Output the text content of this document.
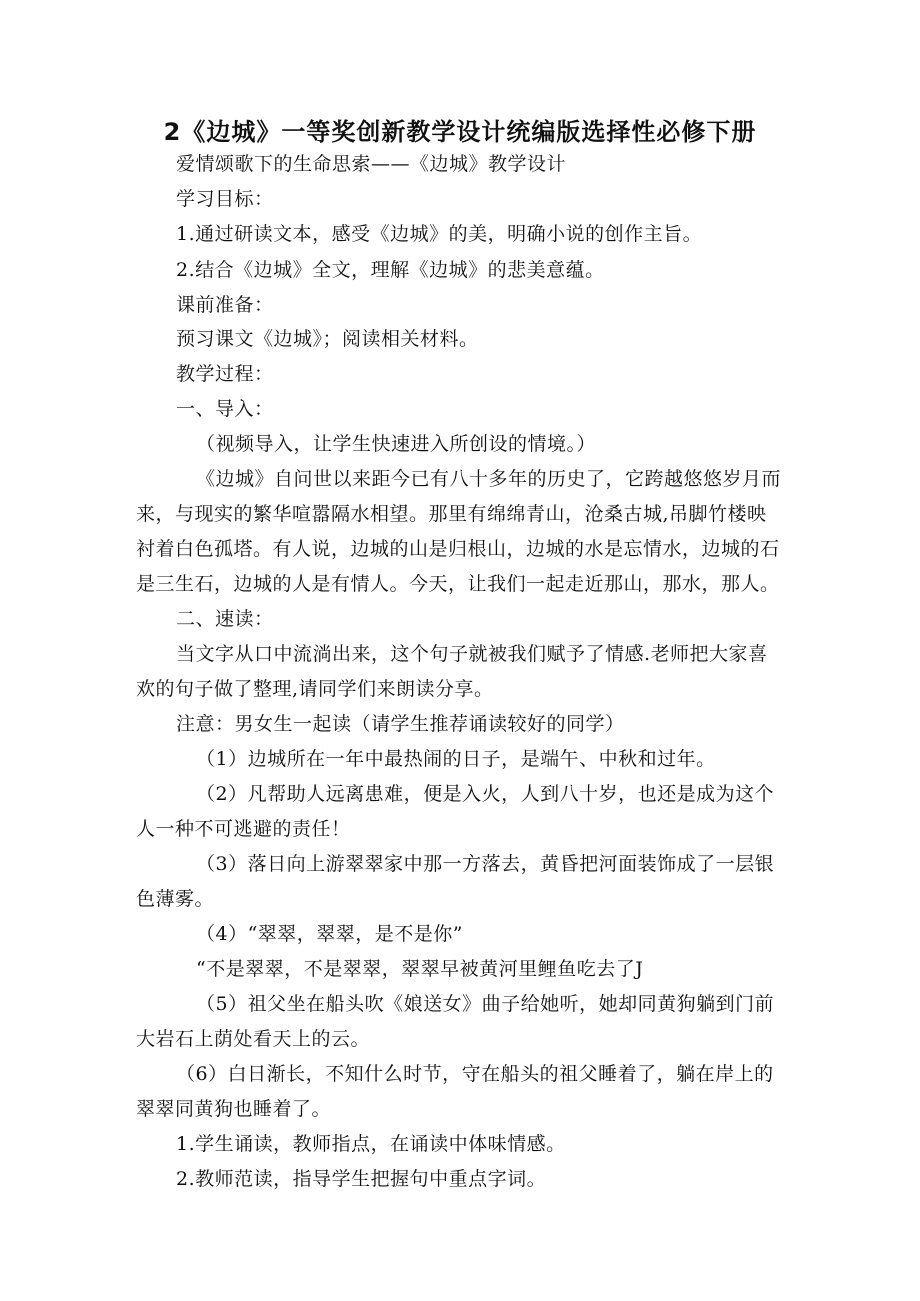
2《边城》一等奖创新教学设计统编版选择性必修下册
爱情颂歌下的生命思索——《边城》教学设计
学习目标：
1.通过研读文本，感受《边城》的美，明确小说的创作主旨。
2.结合《边城》全文，理解《边城》的悲美意蕴。
课前准备：
预习课文《边城》；阅读相关材料。
教学过程：
一、导入：
（视频导入，让学生快速进入所创设的情境。）
《边城》自问世以来距今已有八十多年的历史了，它跨越悠悠岁月而
来，与现实的繁华喧嚣隔水相望。那里有绵绵青山，沧桑古城,吊脚竹楼映
衬着白色孤塔。有人说，边城的山是归根山，边城的水是忘情水，边城的石
是三生石，边城的人是有情人。今天，让我们一起走近那山，那水，那人。
二、速读：
当文字从口中流淌出来，这个句子就被我们赋予了情感.老师把大家喜
欢的句子做了整理,请同学们来朗读分享。
注意：男女生一起读（请学生推荐诵读较好的同学）
（1）边城所在一年中最热闹的日子，是端午、中秋和过年。
（2）凡帮助人远离患难，便是入火，人到八十岁，也还是成为这个
人一种不可逃避的责任！
（3）落日向上游翠翠家中那一方落去，黄昏把河面装饰成了一层银
色薄雾。
（4）“翠翠，翠翠，是不是你”
“不是翠翠，不是翠翠，翠翠早被黄河里鲤鱼吃去了J
（5）祖父坐在船头吹《娘送女》曲子给她听，她却同黄狗躺到门前
大岩石上荫处看天上的云。
（6）白日渐长，不知什么时节，守在船头的祖父睡着了，躺在岸上的
翠翠同黄狗也睡着了。
1.学生诵读，教师指点，在诵读中体味情感。
2.教师范读，指导学生把握句中重点字词。
